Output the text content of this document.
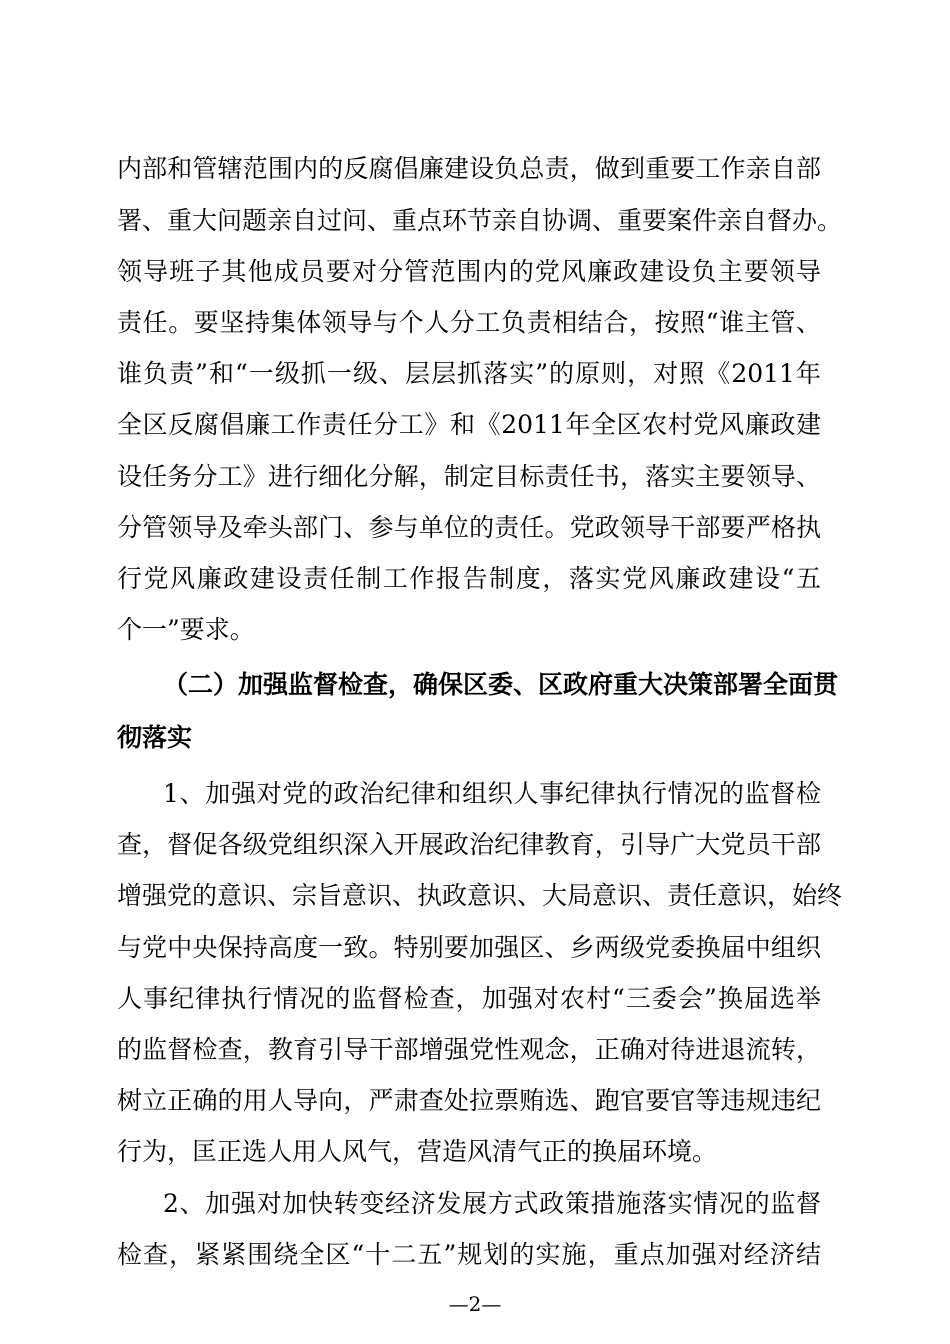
内部和管辖范围内的反腐倡廉建设负总责，做到重要工作亲自部
署、重大问题亲自过问、重点环节亲自协调、重要案件亲自督办。
领导班子其他成员要对分管范围内的党风廉政建设负主要领导
责任。要坚持集体领导与个人分工负责相结合，按照“谁主管、
谁负责”和“一级抓一级、层层抓落实”的原则，对照《2011年
全区反腐倡廉工作责任分工》和《2011年全区农村党风廉政建
设任务分工》进行细化分解，制定目标责任书，落实主要领导、
分管领导及牵头部门、参与单位的责任。党政领导干部要严格执
行党风廉政建设责任制工作报告制度，落实党风廉政建设“五
个一”要求。
（二）加强监督检查，确保区委、区政府重大决策部署全面贯
彻落实
1、加强对党的政治纪律和组织人事纪律执行情况的监督检
查，督促各级党组织深入开展政治纪律教育，引导广大党员干部
增强党的意识、宗旨意识、执政意识、大局意识、责任意识，始终
与党中央保持高度一致。特别要加强区、乡两级党委换届中组织
人事纪律执行情况的监督检查，加强对农村“三委会”换届选举
的监督检查，教育引导干部增强党性观念，正确对待进退流转，
树立正确的用人导向，严肃查处拉票贿选、跑官要官等违规违纪
行为，匡正选人用人风气，营造风清气正的换届环境。
2、加强对加快转变经济发展方式政策措施落实情况的监督
检查，紧紧围绕全区“十二五”规划的实施，重点加强对经济结
—2—
